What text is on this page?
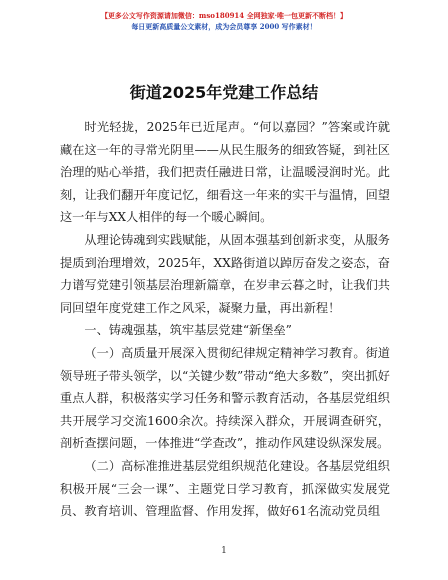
【更多公文写作资源请加微信：mso180914 全网独家·唯一包更新不断档！】
每日更新高质量公文素材，成为会员尊享 2000 写作素材！
街道2025年党建工作总结

时光轻拢，2025年已近尾声。“何以嘉园？”答案或许就藏在这一年的寻常光阴里——从民生服务的细致答疑，到社区治理的贴心举措，我们把责任融进日常，让温暖浸润时光。此刻，让我们翻开年度记忆，细看这一年来的实干与温情，回望这一年与XX人相伴的每一个暖心瞬间。

从理论铸魂到实践赋能，从固本强基到创新求变，从服务提质到治理增效，2025年，XX路街道以踔厉奋发之姿态，奋力谱写党建引领基层治理新篇章，在岁聿云暮之时，让我们共同回望年度党建工作之风采，凝聚力量，再出新程！

一、铸魂强基，筑牢基层党建“新堡垒”

（一）高质量开展深入贯彻纪律规定精神学习教育。街道领导班子带头领学，以“关键少数”带动“绝大多数”，突出抓好重点人群，积极落实学习任务和警示教育活动，各基层党组织共开展学习交流1600余次。持续深入群众，开展调查研究，剖析查摆问题，一体推进“学查改”，推动作风建设纵深发展。

（二）高标准推进基层党组织规范化建设。各基层党组织积极开展“三会一课”、主题党日学习教育，抓深做实发展党员、教育培训、管理监督、作用发挥，做好61名流动党员组

1
